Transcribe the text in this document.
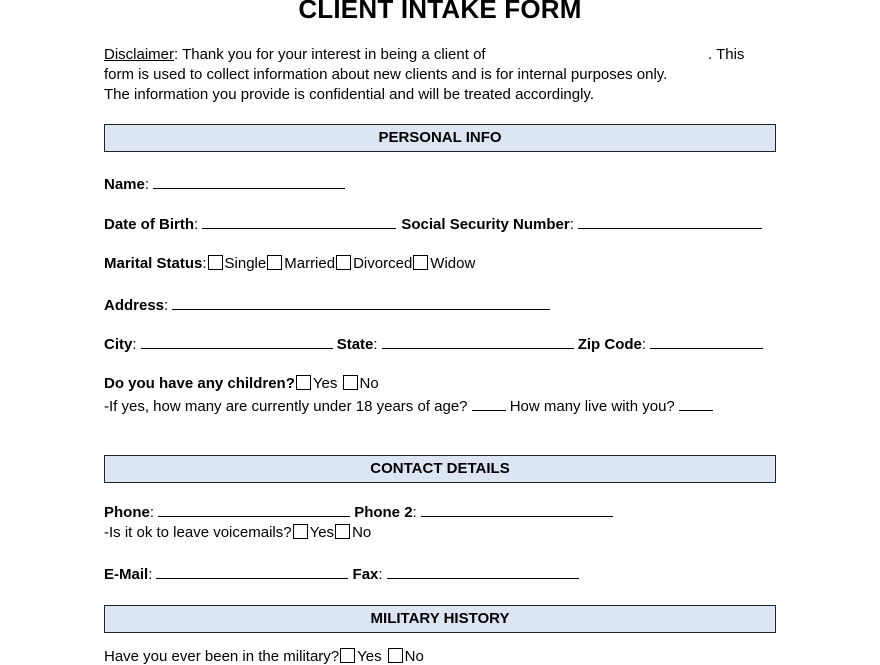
CLIENT INTAKE FORM
Disclaimer: Thank you for your interest in being a client of	. This
form is used to collect information about new clients and is for internal purposes only.
The information you provide is confidential and will be treated accordingly.
PERSONAL INFO
Name:
Date of Birth:	Social Security Number:
Marital Status: Single Married Divorced Widow
Address:
City:	State:	Zip Code:
Do you have any children? Yes No
-If yes, how many are currently under 18 years of age?	How many live with you?
CONTACT DETAILS
Phone:	Phone 2:
-Is it ok to leave voicemails? Yes No
E-Mail:	Fax:
MILITARY HISTORY
Have you ever been in the military? Yes No
